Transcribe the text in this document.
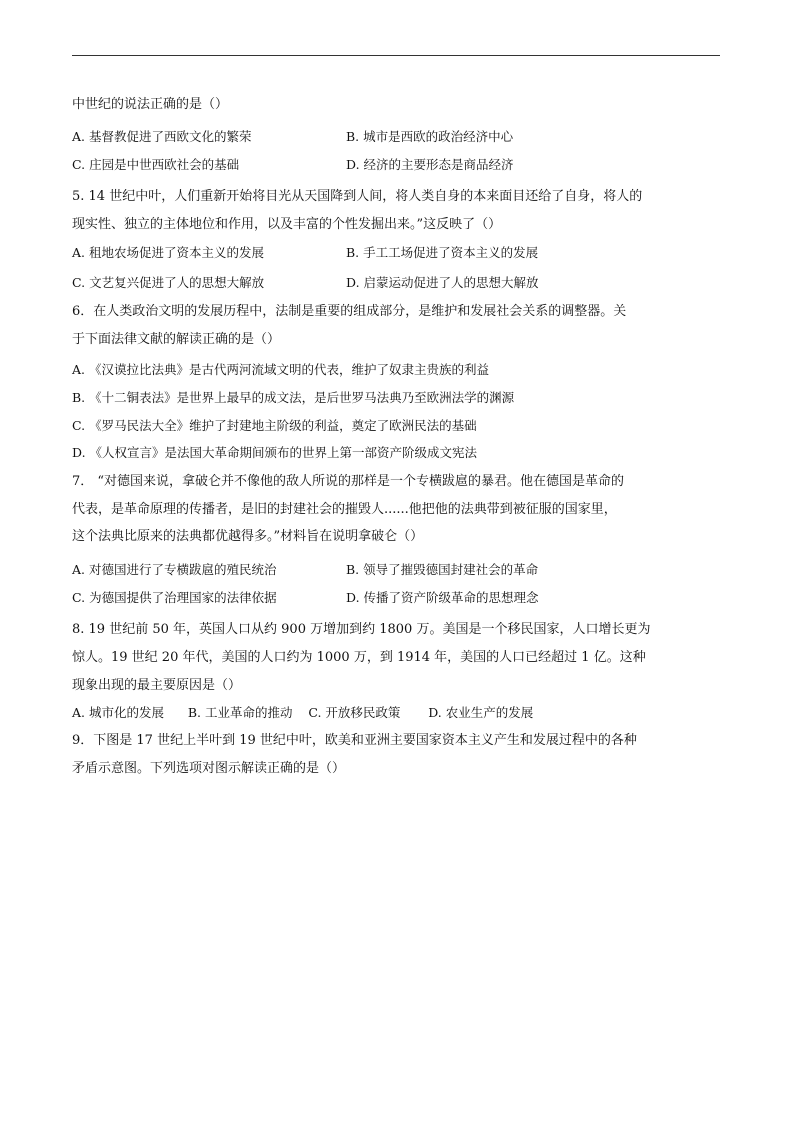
中世纪的说法正确的是（）
A. 基督教促进了西欧文化的繁荣	B. 城市是西欧的政治经济中心
C. 庄园是中世西欧社会的基础	D. 经济的主要形态是商品经济
5. 14 世纪中叶，人们重新开始将目光从天国降到人间，将人类自身的本来面目还给了自身，将人的
现实性、独立的主体地位和作用，以及丰富的个性发掘出来。”这反映了（）
A. 租地农场促进了资本主义的发展	B. 手工工场促进了资本主义的发展
C. 文艺复兴促进了人的思想大解放	D. 启蒙运动促进了人的思想大解放
6．在人类政治文明的发展历程中，法制是重要的组成部分，是维护和发展社会关系的调整器。关
于下面法律文献的解读正确的是（）
A. 《汉谟拉比法典》是古代两河流域文明的代表，维护了奴隶主贵族的利益
B. 《十二铜表法》是世界上最早的成文法，是后世罗马法典乃至欧洲法学的渊源
C. 《罗马民法大全》维护了封建地主阶级的利益，奠定了欧洲民法的基础
D. 《人权宣言》是法国大革命期间颁布的世界上第一部资产阶级成文宪法
7． “对德国来说，拿破仑并不像他的敌人所说的那样是一个专横跋扈的暴君。他在德国是革命的
代表，是革命原理的传播者，是旧的封建社会的摧毁人......他把他的法典带到被征服的国家里，
这个法典比原来的法典都优越得多。”材料旨在说明拿破仑（）
A. 对德国进行了专横跋扈的殖民统治	B. 领导了摧毁德国封建社会的革命
C. 为德国提供了治理国家的法律依据	D. 传播了资产阶级革命的思想理念
8. 19 世纪前 50 年，英国人口从约 900 万增加到约 1800 万。美国是一个移民国家，人口增长更为
惊人。19 世纪 20 年代，美国的人口约为 1000 万，到 1914 年，美国的人口已经超过 1 亿。这种
现象出现的最主要原因是（）
A. 城市化的发展      B. 工业革命的推动    C. 开放移民政策       D. 农业生产的发展
9．下图是 17 世纪上半叶到 19 世纪中叶，欧美和亚洲主要国家资本主义产生和发展过程中的各种
矛盾示意图。下列选项对图示解读正确的是（）
